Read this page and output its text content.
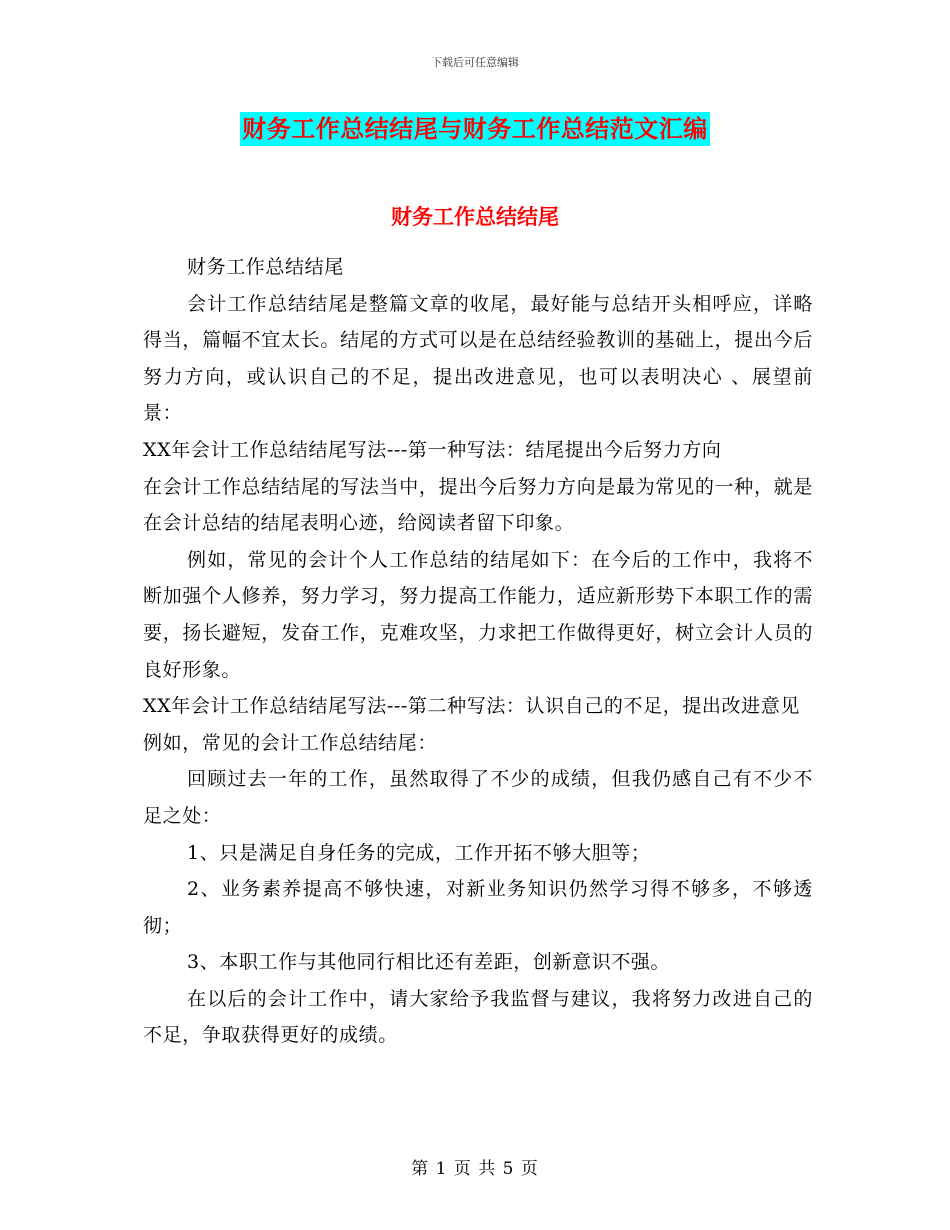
下载后可任意编辑
财务工作总结结尾与财务工作总结范文汇编
财务工作总结结尾

财务工作总结结尾

会计工作总结结尾是整篇文章的收尾，最好能与总结开头相呼应，详略得当，篇幅不宜太长。结尾的方式可以是在总结经验教训的基础上，提出今后努力方向，或认识自己的不足，提出改进意见，也可以表明决心 、展望前景：

XX年会计工作总结结尾写法---第一种写法：结尾提出今后努力方向

在会计工作总结结尾的写法当中，提出今后努力方向是最为常见的一种，就是在会计总结的结尾表明心迹，给阅读者留下印象。

例如，常见的会计个人工作总结的结尾如下：在今后的工作中，我将不断加强个人修养，努力学习，努力提高工作能力，适应新形势下本职工作的需要，扬长避短，发奋工作，克难攻坚，力求把工作做得更好，树立会计人员的良好形象。

XX年会计工作总结结尾写法---第二种写法：认识自己的不足，提出改进意见

例如，常见的会计工作总结结尾：

回顾过去一年的工作，虽然取得了不少的成绩，但我仍感自己有不少不足之处：

1、只是满足自身任务的完成，工作开拓不够大胆等；

2、业务素养提高不够快速，对新业务知识仍然学习得不够多，不够透彻；

3、本职工作与其他同行相比还有差距，创新意识不强。

在以后的会计工作中，请大家给予我监督与建议，我将努力改进自己的不足，争取获得更好的成绩。

第 1 页 共 5 页
